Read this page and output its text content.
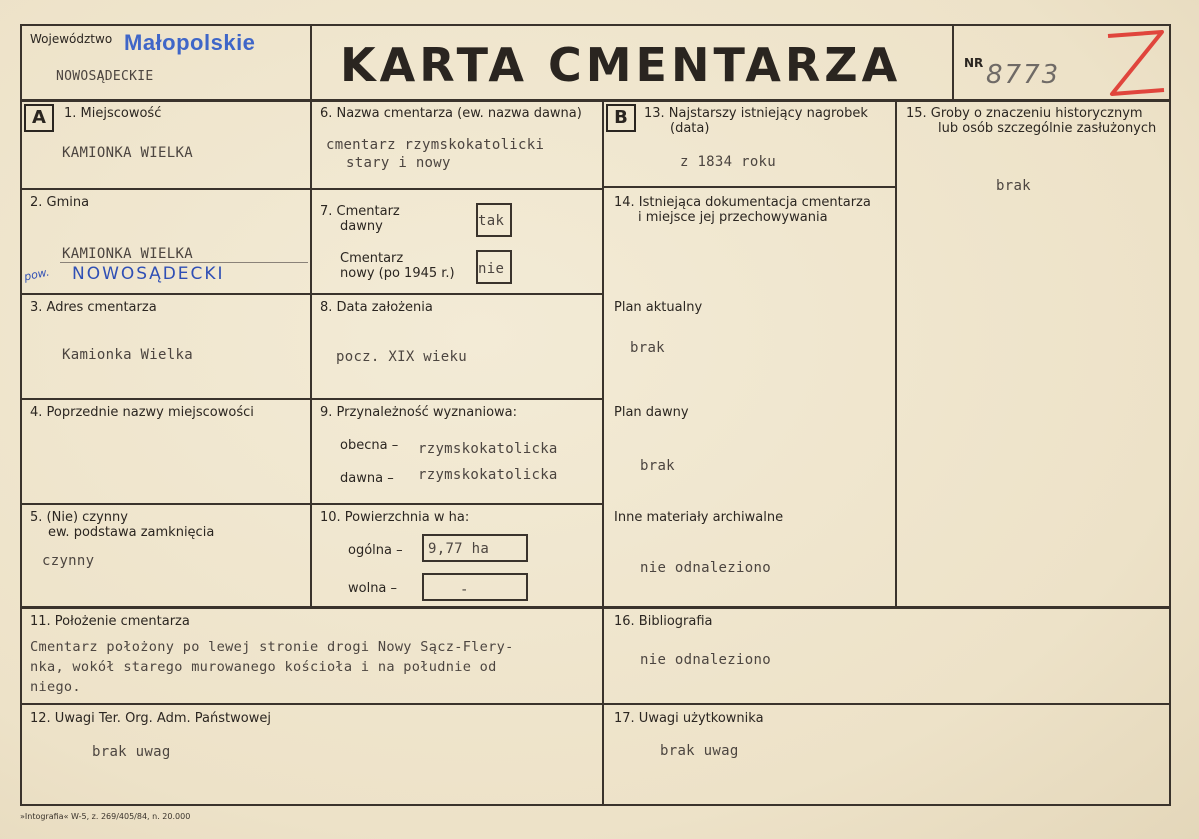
Województwo Małopolskie
NOWOSĄDECKIE	KARTA CMENTARZA	NR 8773
A	1. Miejscowość
KAMIONKA WIELKA
2. Gmina
KAMIONKA WIELKA
pow. NOWOSĄDECKI
3. Adres cmentarza
Kamionka Wielka
4. Poprzednie nazwy miejscowości
5. (Nie) czynny
ew. podstawa zamknięcia
czynny
6. Nazwa cmentarza (ew. nazwa dawna)
cmentarz rzymskokatolicki
stary i nowy
7. Cmentarz
dawny	tak
Cmentarz
nowy (po 1945 r.) nie
8. Data założenia
pocz. XIX wieku
9. Przynależność wyznaniowa:
obecna – rzymskokatolicka
dawna – rzymskokatolicka
10. Powierzchnia w ha:
ogólna – 9,77 ha
wolna –	-
B	13. Najstarszy istniejący nagrobek
(data)
z 1834 roku
14. Istniejąca dokumentacja cmentarza
i miejsce jej przechowywania
Plan aktualny
brak
Plan dawny
brak
Inne materiały archiwalne
nie odnaleziono
15. Groby o znaczeniu historycznym
lub osób szczególnie zasłużonych
brak
11. Położenie cmentarza
Cmentarz położony po lewej stronie drogi Nowy Sącz-Flery-
nka, wokół starego murowanego kościoła i na południe od
niego.
16. Bibliografia
nie odnaleziono
12. Uwagi Ter. Org. Adm. Państwowej
brak uwag
17. Uwagi użytkownika
brak uwag
»Intografia« W-5, z. 269/405/84, n. 20.000
